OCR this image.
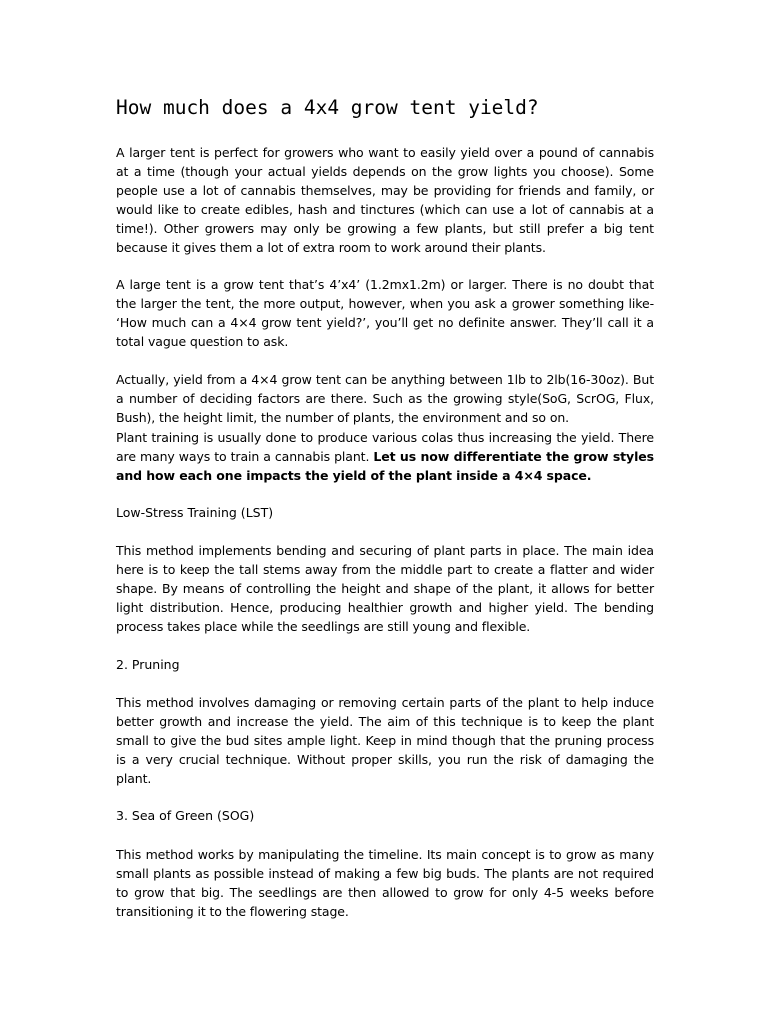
How much does a 4x4 grow tent yield?

A larger tent is perfect for growers who want to easily yield over a pound of cannabis at a time (though your actual yields depends on the grow lights you choose). Some people use a lot of cannabis themselves, may be providing for friends and family, or would like to create edibles, hash and tinctures (which can use a lot of cannabis at a time!). Other growers may only be growing a few plants, but still prefer a big tent because it gives them a lot of extra room to work around their plants.

A large tent is a grow tent that’s 4’x4’ (1.2mx1.2m) or larger. There is no doubt that the larger the tent, the more output, however, when you ask a grower something like- ‘How much can a 4×4 grow tent yield?’, you’ll get no definite answer. They’ll call it a total vague question to ask.

Actually, yield from a 4×4 grow tent can be anything between 1lb to 2lb(16-30oz). But a number of deciding factors are there. Such as the growing style(SoG, ScrOG, Flux, Bush), the height limit, the number of plants, the environment and so on.

Plant training is usually done to produce various colas thus increasing the yield. There are many ways to train a cannabis plant. Let us now differentiate the grow styles and how each one impacts the yield of the plant inside a 4×4 space.

Low-Stress Training (LST)

This method implements bending and securing of plant parts in place. The main idea here is to keep the tall stems away from the middle part to create a flatter and wider shape. By means of controlling the height and shape of the plant, it allows for better light distribution. Hence, producing healthier growth and higher yield. The bending process takes place while the seedlings are still young and flexible.

2. Pruning

This method involves damaging or removing certain parts of the plant to help induce better growth and increase the yield. The aim of this technique is to keep the plant small to give the bud sites ample light. Keep in mind though that the pruning process is a very crucial technique. Without proper skills, you run the risk of damaging the plant.

3. Sea of Green (SOG)

This method works by manipulating the timeline. Its main concept is to grow as many small plants as possible instead of making a few big buds. The plants are not required to grow that big. The seedlings are then allowed to grow for only 4-5 weeks before transitioning it to the flowering stage.
